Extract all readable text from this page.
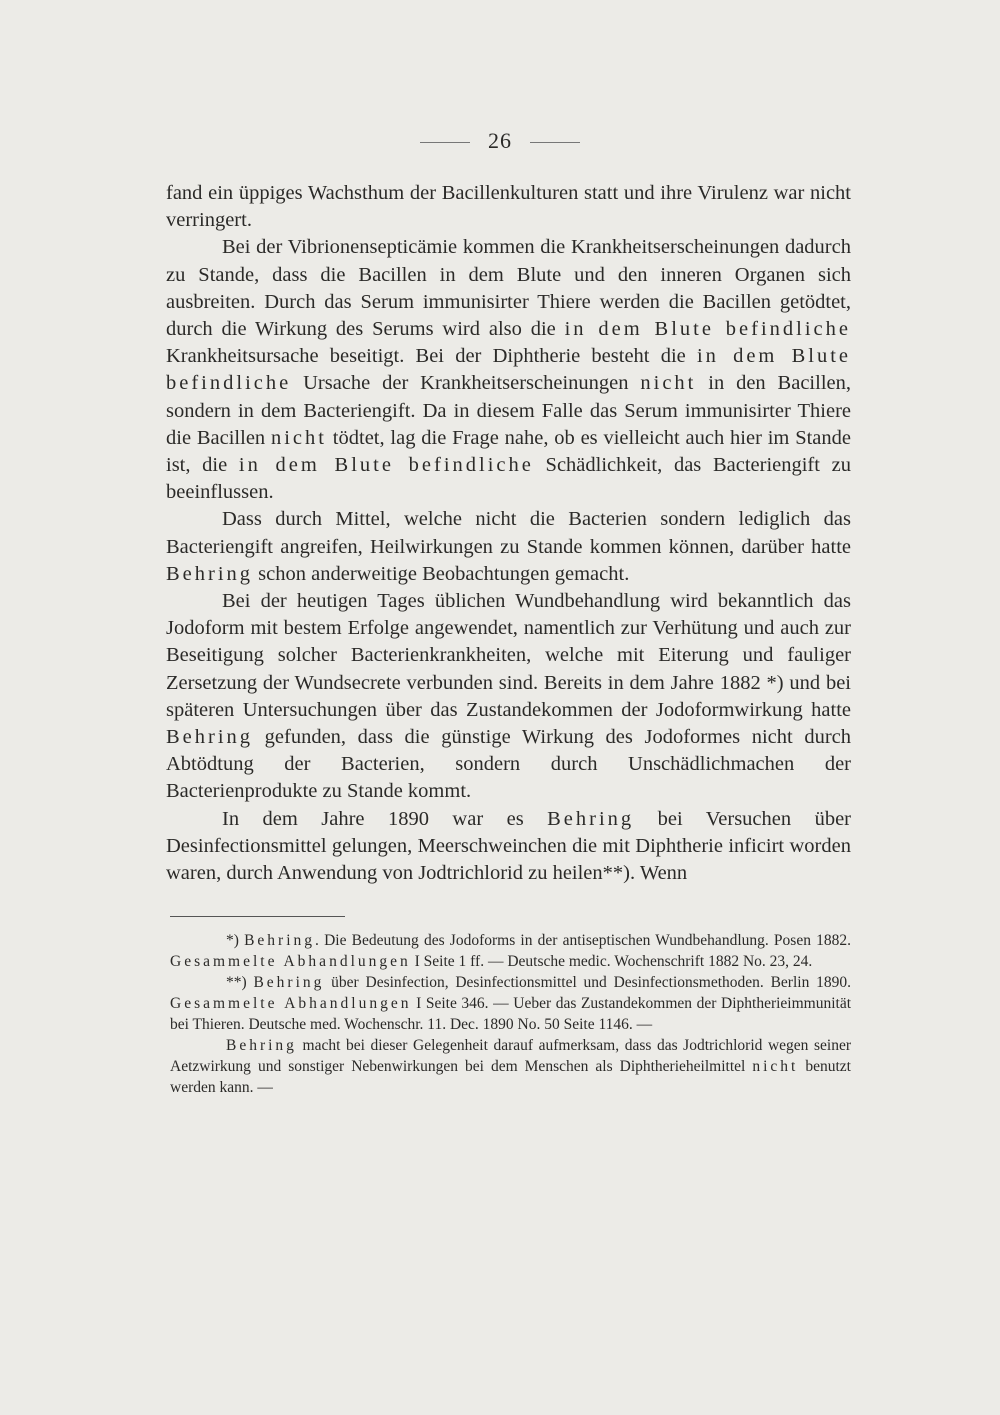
26

fand ein üppiges Wachsthum der Bacillenkulturen statt und ihre Virulenz war nicht verringert.

Bei der Vibrionensepticämie kommen die Krankheitserscheinungen dadurch zu Stande, dass die Bacillen in dem Blute und den inneren Organen sich ausbreiten. Durch das Serum immunisirter Thiere werden die Bacillen getödtet, durch die Wirkung des Serums wird also die in dem Blute befindliche Krankheitsursache beseitigt. Bei der Diphtherie besteht die in dem Blute befindliche Ursache der Krankheitserscheinungen nicht in den Bacillen, sondern in dem Bacteriengift. Da in diesem Falle das Serum immunisirter Thiere die Bacillen nicht tödtet, lag die Frage nahe, ob es vielleicht auch hier im Stande ist, die in dem Blute befindliche Schädlichkeit, das Bacteriengift zu beeinflussen.

Dass durch Mittel, welche nicht die Bacterien sondern lediglich das Bacteriengift angreifen, Heilwirkungen zu Stande kommen können, darüber hatte Behring schon anderweitige Beobachtungen gemacht.

Bei der heutigen Tages üblichen Wundbehandlung wird bekanntlich das Jodoform mit bestem Erfolge angewendet, namentlich zur Verhütung und auch zur Beseitigung solcher Bacterienkrankheiten, welche mit Eiterung und fauliger Zersetzung der Wundsecrete verbunden sind. Bereits in dem Jahre 1882 *) und bei späteren Untersuchungen über das Zustandekommen der Jodoformwirkung hatte Behring gefunden, dass die günstige Wirkung des Jodoformes nicht durch Abtödtung der Bacterien, sondern durch Unschädlichmachen der Bacterienprodukte zu Stande kommt.

In dem Jahre 1890 war es Behring bei Versuchen über Desinfectionsmittel gelungen, Meerschweinchen die mit Diphtherie inficirt worden waren, durch Anwendung von Jodtrichlorid zu heilen**). Wenn

*) Behring. Die Bedeutung des Jodoforms in der antiseptischen Wundbehandlung. Posen 1882. Gesammelte Abhandlungen I Seite 1 ff. — Deutsche medic. Wochenschrift 1882 No. 23, 24.

**) Behring über Desinfection, Desinfectionsmittel und Desinfectionsmethoden. Berlin 1890. Gesammelte Abhandlungen I Seite 346. — Ueber das Zustandekommen der Diphtherieimmunität bei Thieren. Deutsche med. Wochenschr. 11. Dec. 1890 No. 50 Seite 1146. —

Behring macht bei dieser Gelegenheit darauf aufmerksam, dass das Jodtrichlorid wegen seiner Aetzwirkung und sonstiger Nebenwirkungen bei dem Menschen als Diphtherieheilmittel nicht benutzt werden kann. —
